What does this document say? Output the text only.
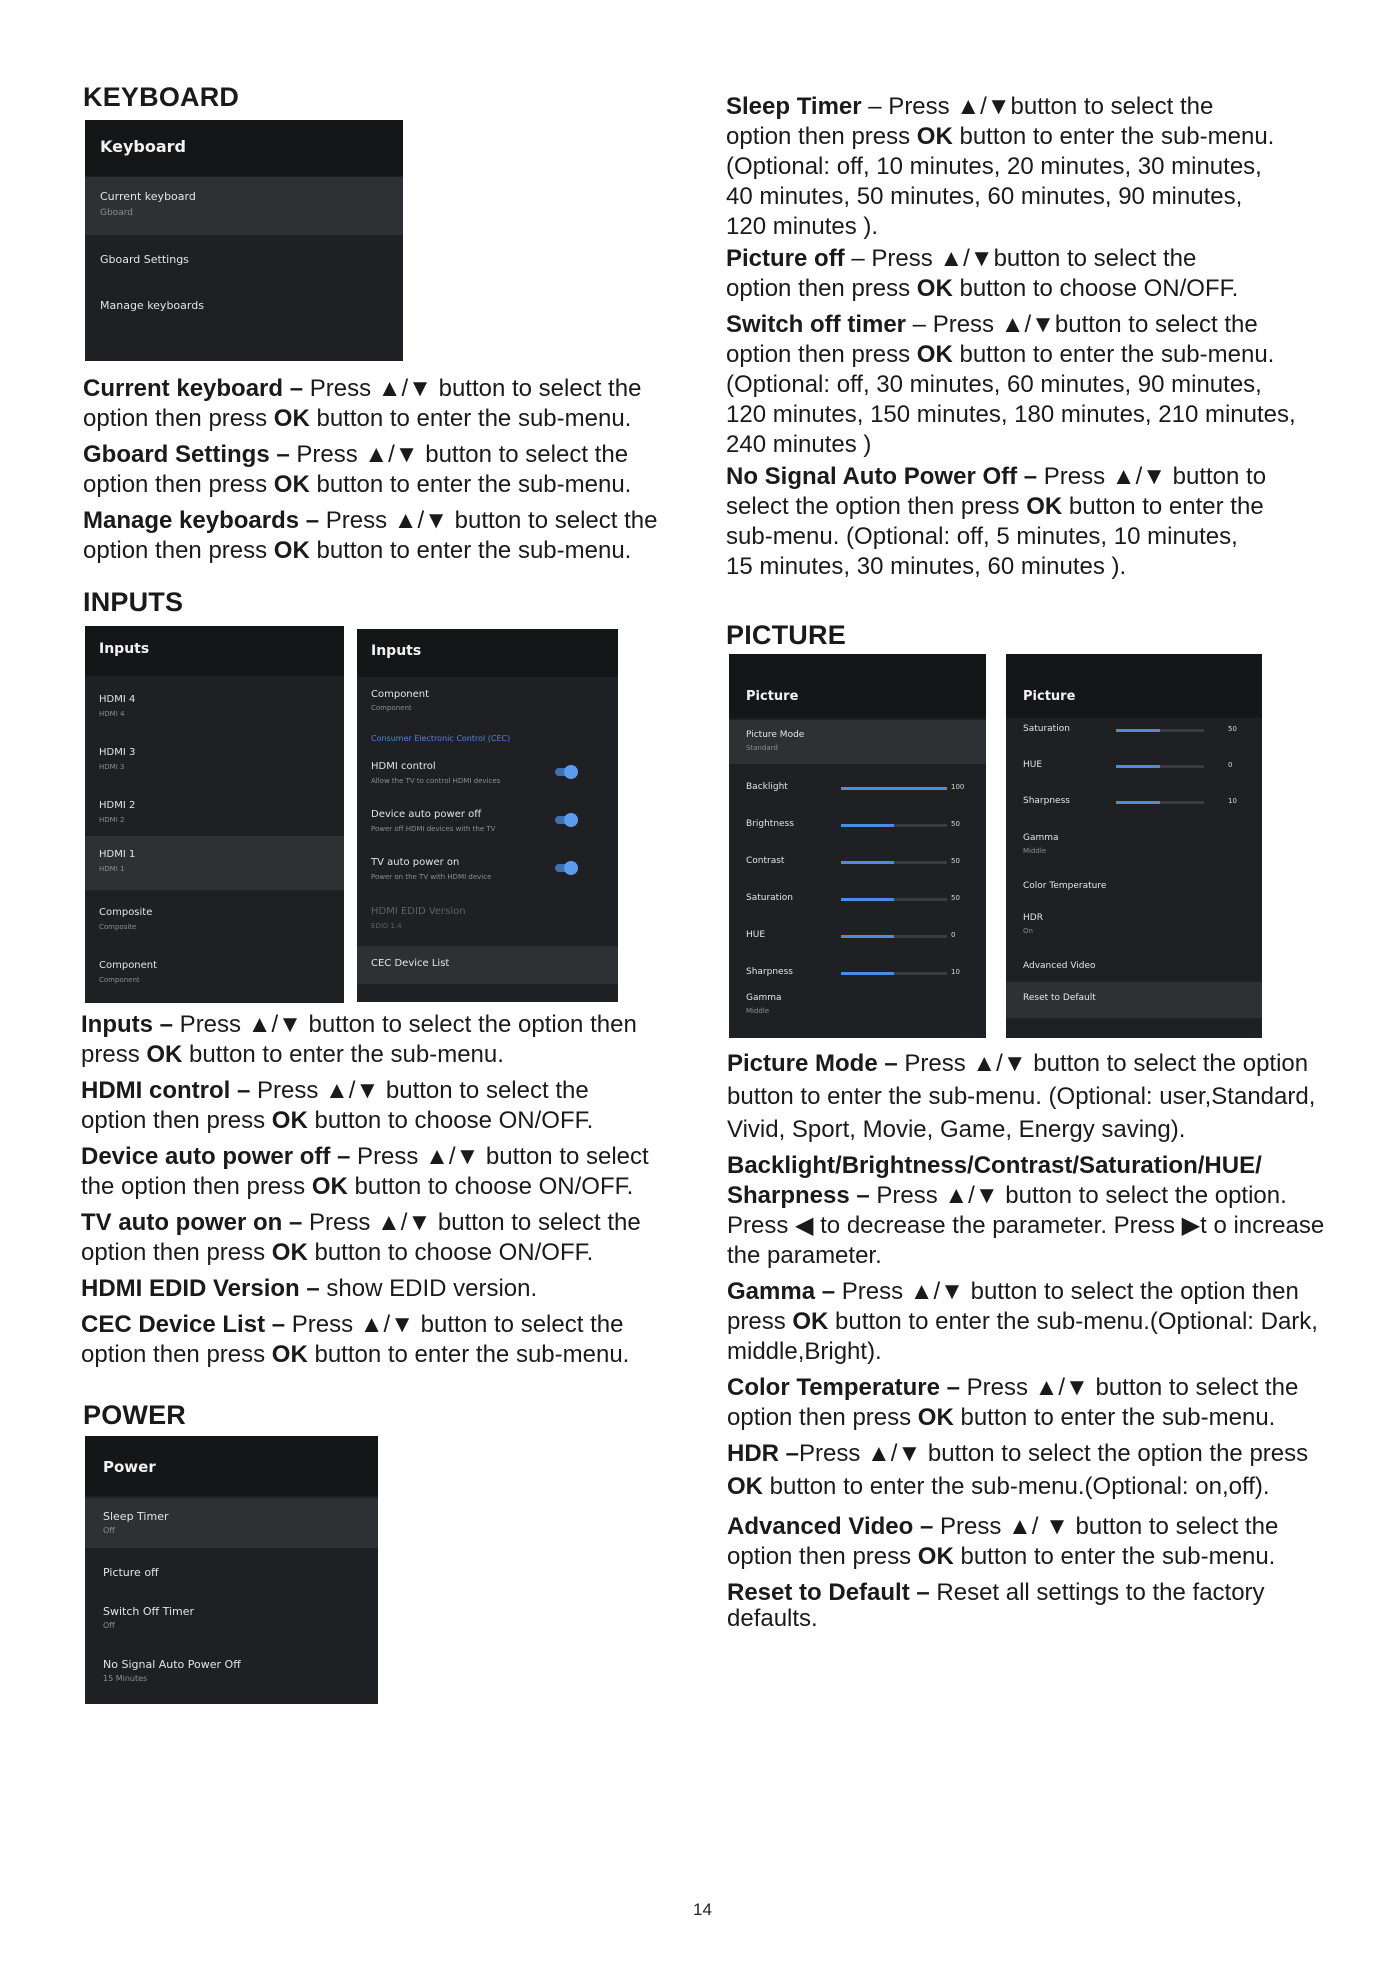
KEYBOARD
Keyboard
Current keyboard
Gboard
Gboard Settings
Manage keyboards
Current keyboard – Press ▲/▼ button to select the
option then press OK button to enter the sub-menu.
Gboard Settings – Press ▲/▼ button to select the
option then press OK button to enter the sub-menu.
Manage keyboards – Press ▲/▼ button to select the
option then press OK button to enter the sub-menu.
INPUTS
Inputs
HDMI 4
HDMI 4
HDMI 3
HDMI 3
HDMI 2
HDMI 2
HDMI 1
HDMI 1
Composite
Composite
Component
Component
Inputs
Component
Component
Consumer Electronic Control (CEC)
HDMI control
Allow the TV to control HDMI devices
Device auto power off
Power off HDMI devices with the TV
TV auto power on
Power on the TV with HDMI device
HDMI EDID Version
EDID 1.4
CEC Device List
Inputs – Press ▲/▼ button to select the option then
press OK button to enter the sub-menu.
HDMI control – Press ▲/▼ button to select the
option then press OK button to choose ON/OFF.
Device auto power off – Press ▲/▼ button to select
the option then press OK button to choose ON/OFF.
TV auto power on – Press ▲/▼ button to select the
option then press OK button to choose ON/OFF.
HDMI EDID Version – show EDID version.
CEC Device List – Press ▲/▼ button to select the
option then press OK button to enter the sub-menu.
POWER
Power
Sleep Timer
Off
Picture off
Switch Off Timer
Off
No Signal Auto Power Off
15 Minutes
Sleep Timer – Press ▲/▼button to select the
option then press OK button to enter the sub-menu.
(Optional: off, 10 minutes, 20 minutes, 30 minutes,
40 minutes, 50 minutes, 60 minutes, 90 minutes,
120 minutes ).
Picture off – Press ▲/▼button to select the
option then press OK button to choose ON/OFF.
Switch off timer – Press ▲/▼button to select the
option then press OK button to enter the sub-menu.
(Optional: off, 30 minutes, 60 minutes, 90 minutes,
120 minutes, 150 minutes, 180 minutes, 210 minutes,
240 minutes )
No Signal Auto Power Off – Press ▲/▼ button to
select the option then press OK button to enter the
sub-menu. (Optional: off, 5 minutes, 10 minutes,
15 minutes, 30 minutes, 60 minutes ).
PICTURE
Picture
Picture Mode
Standard
Backlight	100
Brightness	50
Contrast	50
Saturation	50
HUE	0
Sharpness	10
Gamma
Middle
Picture
Saturation	50
HUE	0
Sharpness	10
Gamma
Middle
Color Temperature
HDR
On
Advanced Video
Reset to Default
Picture Mode – Press ▲/▼ button to select the option
button to enter the sub-menu. (Optional: user,Standard,
Vivid, Sport, Movie, Game, Energy saving).
Backlight/Brightness/Contrast/Saturation/HUE/
Sharpness – Press ▲/▼ button to select the option.
Press ◀ to decrease the parameter. Press ▶t o increase
the parameter.
Gamma – Press ▲/▼ button to select the option then
press OK button to enter the sub-menu.(Optional: Dark,
middle,Bright).
Color Temperature – Press ▲/▼ button to select the
option then press OK button to enter the sub-menu.
HDR –Press ▲/▼ button to select the option the press
OK button to enter the sub-menu.(Optional: on,off).
Advanced Video – Press ▲/ ▼ button to select the
option then press OK button to enter the sub-menu.
Reset to Default – Reset all settings to the factory
defaults.
14
